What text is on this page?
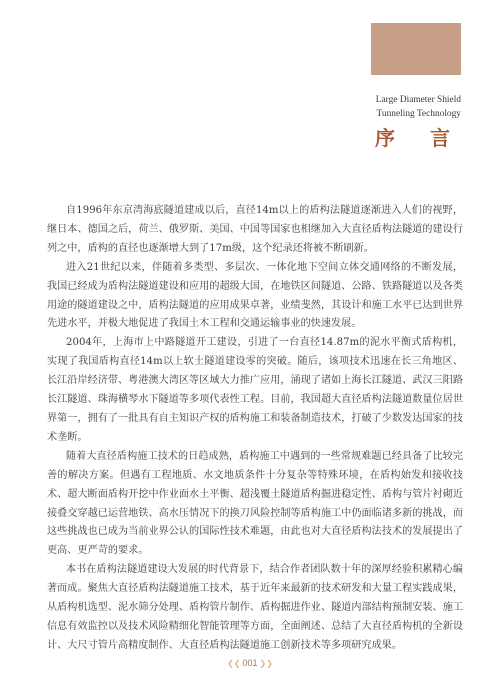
Large Diameter Shield
Tunneling Technology
序 言

自1996年东京湾海底隧道建成以后，直径14m以上的盾构法隧道逐渐进入人们的视野，继日本、德国之后，荷兰、俄罗斯、美国、中国等国家也相继加入大直径盾构法隧道的建设行列之中，盾构的直径也逐渐增大到了17m级，这个纪录还将被不断刷新。

进入21世纪以来，伴随着多类型、多层次、一体化地下空间立体交通网络的不断发展，我国已经成为盾构法隧道建设和应用的超级大国，在地铁区间隧道、公路、铁路隧道以及各类用途的隧道建设之中，盾构法隧道的应用成果卓著，业绩斐然，其设计和施工水平已达到世界先进水平，并极大地促进了我国土木工程和交通运输事业的快速发展。

2004年，上海市上中路隧道开工建设，引进了一台直径14.87m的泥水平衡式盾构机，实现了我国盾构直径14m以上软土隧道建设零的突破。随后，该项技术迅速在长三角地区、长江沿岸经济带、粤港澳大湾区等区域大力推广应用，涌现了诸如上海长江隧道、武汉三阳路长江隧道、珠海横琴水下隧道等多项代表性工程。目前，我国超大直径盾构法隧道数量位居世界第一，拥有了一批具有自主知识产权的盾构施工和装备制造技术，打破了少数发达国家的技术垄断。

随着大直径盾构施工技术的日趋成熟，盾构施工中遇到的一些常规难题已经具备了比较完善的解决方案。但遇有工程地质、水文地质条件十分复杂等特殊环境，在盾构始发和接收技术、超大断面盾构开挖中作业面水土平衡、超浅覆土隧道盾构掘进稳定性、盾构与管片衬砌近接叠交穿越已运营地铁、高水压情况下的换刀风险控制等盾构施工中仍面临诸多新的挑战，而这些挑战也已成为当前业界公认的国际性技术难题，由此也对大直径盾构法技术的发展提出了更高、更严苛的要求。

本书在盾构法隧道建设大发展的时代背景下，结合作者团队数十年的深厚经验积累精心编著而成。聚焦大直径盾构法隧道施工技术，基于近年来最新的技术研发和大量工程实践成果，从盾构机选型、泥水筛分处理、盾构管片制作、盾构掘进作业、隧道内部结构预制安装、施工信息有效监控以及技术风险精细化智能管理等方面，全面阐述、总结了大直径盾构机的全新设计、大尺寸管片高精度制作、大直径盾构法隧道施工创新技术等多项研究成果。

❮❮ 001 ❯❯
